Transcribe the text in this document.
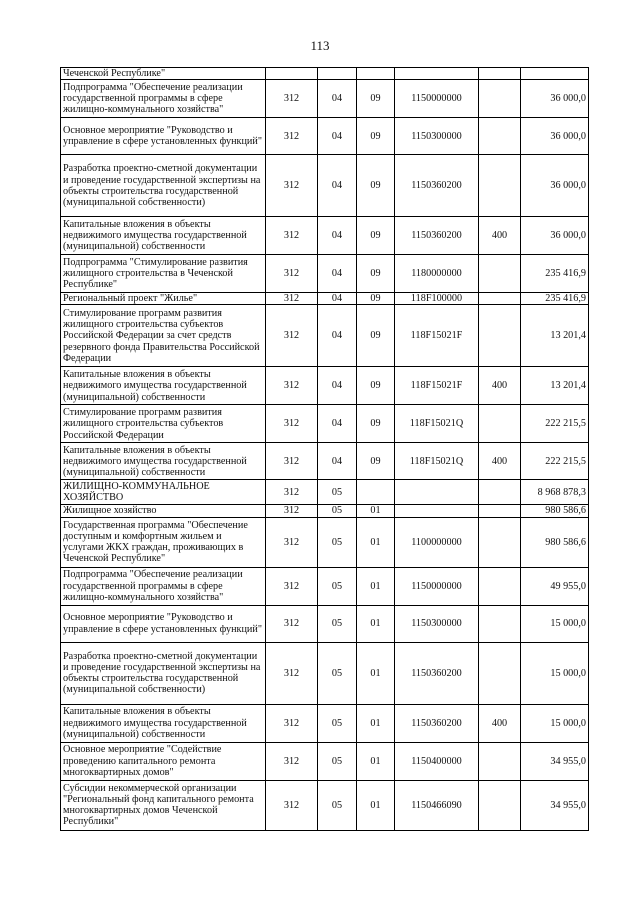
113
Чеченской Республике"						
Подпрограмма "Обеспечение реализации государственной программы в сфере жилищно-коммунального хозяйства"	312	04	09	1150000000		36 000,0
Основное мероприятие "Руководство и управление в сфере установленных функций"	312	04	09	1150300000		36 000,0
Разработка проектно-сметной документации и проведение государственной экспертизы на объекты строительства государственной (муниципальной собственности)	312	04	09	1150360200		36 000,0
Капитальные вложения в объекты недвижимого имущества государственной (муниципальной) собственности	312	04	09	1150360200	400	36 000,0
Подпрограмма "Стимулирование развития жилищного строительства в Чеченской Республике"	312	04	09	1180000000		235 416,9
Региональный проект "Жилье"	312	04	09	118F100000		235 416,9
Стимулирование программ развития жилищного строительства субъектов Российской Федерации за счет средств резервного фонда Правительства Российской Федерации	312	04	09	118F15021F		13 201,4
Капитальные вложения в объекты недвижимого имущества государственной (муниципальной) собственности	312	04	09	118F15021F	400	13 201,4
Стимулирование программ развития жилищного строительства субъектов Российской Федерации	312	04	09	118F15021Q		222 215,5
Капитальные вложения в объекты недвижимого имущества государственной (муниципальной) собственности	312	04	09	118F15021Q	400	222 215,5
ЖИЛИЩНО-КОММУНАЛЬНОЕ ХОЗЯЙСТВО	312	05				8 968 878,3
Жилищное хозяйство	312	05	01			980 586,6
Государственная программа "Обеспечение доступным и комфортным жильем и услугами ЖКХ граждан, проживающих в Чеченской Республике"	312	05	01	1100000000		980 586,6
Подпрограмма "Обеспечение реализации государственной программы в сфере жилищно-коммунального хозяйства"	312	05	01	1150000000		49 955,0
Основное мероприятие "Руководство и управление в сфере установленных функций"	312	05	01	1150300000		15 000,0
Разработка проектно-сметной документации и проведение государственной экспертизы на объекты строительства государственной (муниципальной собственности)	312	05	01	1150360200		15 000,0
Капитальные вложения в объекты недвижимого имущества государственной (муниципальной) собственности	312	05	01	1150360200	400	15 000,0
Основное мероприятие "Содействие проведению капитального ремонта многоквартирных домов"	312	05	01	1150400000		34 955,0
Субсидии некоммерческой организации "Региональный фонд капитального ремонта многоквартирных домов Чеченской Республики"	312	05	01	1150466090		34 955,0
